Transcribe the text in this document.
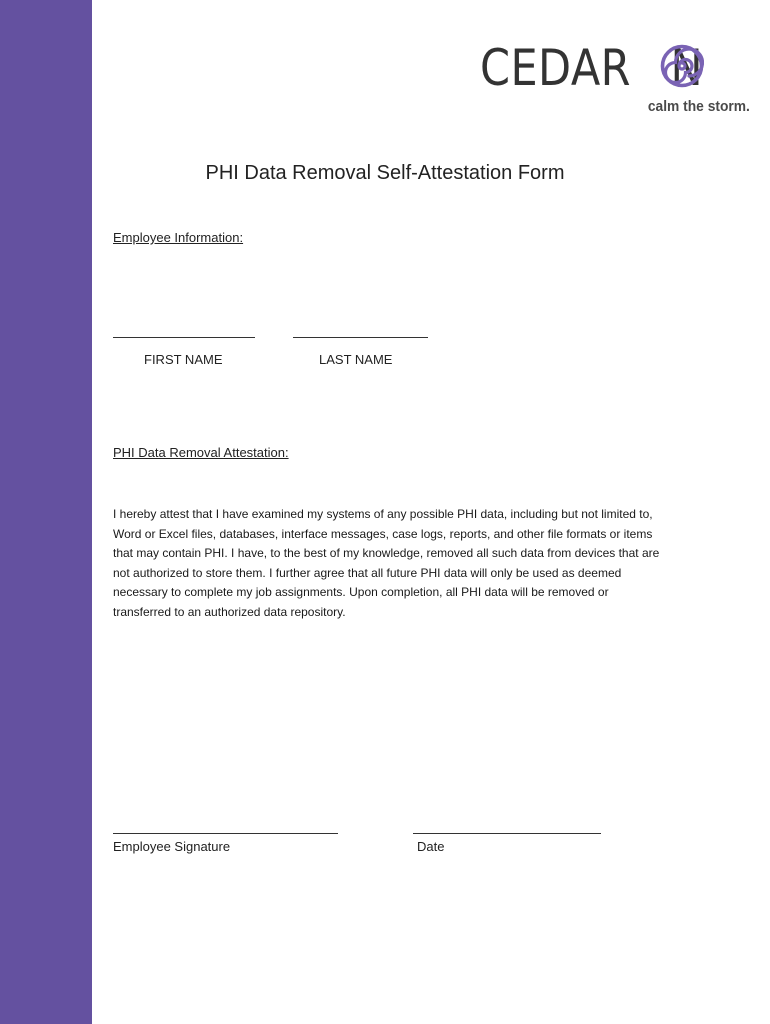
CEDAR N
calm the storm.
PHI Data Removal Self-Attestation Form
Employee Information:
FIRST NAME	LAST NAME
PHI Data Removal Attestation:

I hereby attest that I have examined my systems of any possible PHI data, including but not limited to, Word or Excel files, databases, interface messages, case logs, reports, and other file formats or items that may contain PHI. I have, to the best of my knowledge, removed all such data from devices that are not authorized to store them. I further agree that all future PHI data will only be used as deemed necessary to complete my job assignments. Upon completion, all PHI data will be removed or transferred to an authorized data repository.

Employee Signature	Date
